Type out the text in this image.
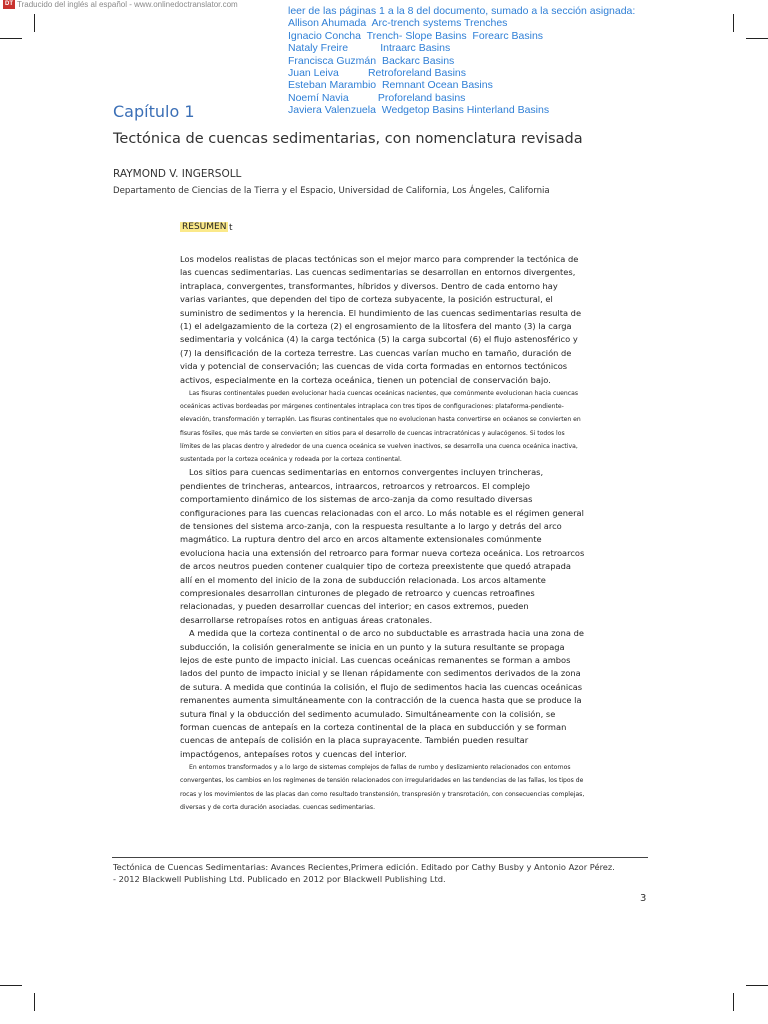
DT Traducido del inglés al español - www.onlinedoctranslator.com
leer de las páginas 1 a la 8 del documento, sumado a la sección asignada:
Allison Ahumada  Arc-trench systems Trenches
Ignacio Concha  Trench- Slope Basins  Forearc Basins
Nataly Freire           Intraarc Basins
Francisca Guzmán  Backarc Basins
Juan Leiva          Retroforeland Basins
Esteban Marambio  Remnant Ocean Basins
Noemí Navia          Proforeland basins
Javiera Valenzuela  Wedgetop Basins Hinterland Basins
Capítulo 1
Tectónica de cuencas sedimentarias, con nomenclatura revisada
RAYMOND V. INGERSOLL
Departamento de Ciencias de la Tierra y el Espacio, Universidad de California, Los Ángeles, California
RESUMEN t

Los modelos realistas de placas tectónicas son el mejor marco para comprender la tectónica de las cuencas sedimentarias. Las cuencas sedimentarias se desarrollan en entornos divergentes, intraplaca, convergentes, transformantes, híbridos y diversos. Dentro de cada entorno hay varias variantes, que dependen del tipo de corteza subyacente, la posición estructural, el suministro de sedimentos y la herencia. El hundimiento de las cuencas sedimentarias resulta de (1) el adelgazamiento de la corteza (2) el engrosamiento de la litosfera del manto (3) la carga sedimentaria y volcánica (4) la carga tectónica (5) la carga subcortal (6) el flujo astenosférico y (7) la densificación de la corteza terrestre. Las cuencas varían mucho en tamaño, duración de vida y potencial de conservación; las cuencas de vida corta formadas en entornos tectónicos activos, especialmente en la corteza oceánica, tienen un potencial de conservación bajo.

Las fisuras continentales pueden evolucionar hacia cuencas oceánicas nacientes, que comúnmente evolucionan hacia cuencas oceánicas activas bordeadas por márgenes continentales intraplaca con tres tipos de configuraciones: plataforma-pendiente-elevación, transformación y terraplén. Las fisuras continentales que no evolucionan hasta convertirse en océanos se convierten en fisuras fósiles, que más tarde se convierten en sitios para el desarrollo de cuencas intracratónicas y aulacógenos. Si todos los límites de las placas dentro y alrededor de una cuenca oceánica se vuelven inactivos, se desarrolla una cuenca oceánica inactiva, sustentada por la corteza oceánica y rodeada por la corteza continental.

Los sitios para cuencas sedimentarias en entornos convergentes incluyen trincheras, pendientes de trincheras, antearcos, intraarcos, retroarcos y retroarcos. El complejo comportamiento dinámico de los sistemas de arco-zanja da como resultado diversas configuraciones para las cuencas relacionadas con el arco. Lo más notable es el régimen general de tensiones del sistema arco-zanja, con la respuesta resultante a lo largo y detrás del arco magmático. La ruptura dentro del arco en arcos altamente extensionales comúnmente evoluciona hacia una extensión del retroarco para formar nueva corteza oceánica. Los retroarcos de arcos neutros pueden contener cualquier tipo de corteza preexistente que quedó atrapada allí en el momento del inicio de la zona de subducción relacionada. Los arcos altamente compresionales desarrollan cinturones de plegado de retroarco y cuencas retroafines relacionadas, y pueden desarrollar cuencas del interior; en casos extremos, pueden desarrollarse retropaíses rotos en antiguas áreas cratonales.

A medida que la corteza continental o de arco no subductable es arrastrada hacia una zona de subducción, la colisión generalmente se inicia en un punto y la sutura resultante se propaga lejos de este punto de impacto inicial. Las cuencas oceánicas remanentes se forman a ambos lados del punto de impacto inicial y se llenan rápidamente con sedimentos derivados de la zona de sutura. A medida que continúa la colisión, el flujo de sedimentos hacia las cuencas oceánicas remanentes aumenta simultáneamente con la contracción de la cuenca hasta que se produce la sutura final y la obducción del sedimento acumulado. Simultáneamente con la colisión, se forman cuencas de antepaís en la corteza continental de la placa en subducción y se forman cuencas de antepaís de colisión en la placa suprayacente. También pueden resultar impactógenos, antepaíses rotos y cuencas del interior.

En entornos transformados y a lo largo de sistemas complejos de fallas de rumbo y deslizamiento relacionados con entornos convergentes, los cambios en los regímenes de tensión relacionados con irregularidades en las tendencias de las fallas, los tipos de rocas y los movimientos de las placas dan como resultado transtensión, transpresión y transrotación, con consecuencias complejas, diversas y de corta duración asociadas. cuencas sedimentarias.

Tectónica de Cuencas Sedimentarias: Avances Recientes,Primera edición. Editado por Cathy Busby y Antonio Azor Pérez.
- 2012 Blackwell Publishing Ltd. Publicado en 2012 por Blackwell Publishing Ltd.
3
